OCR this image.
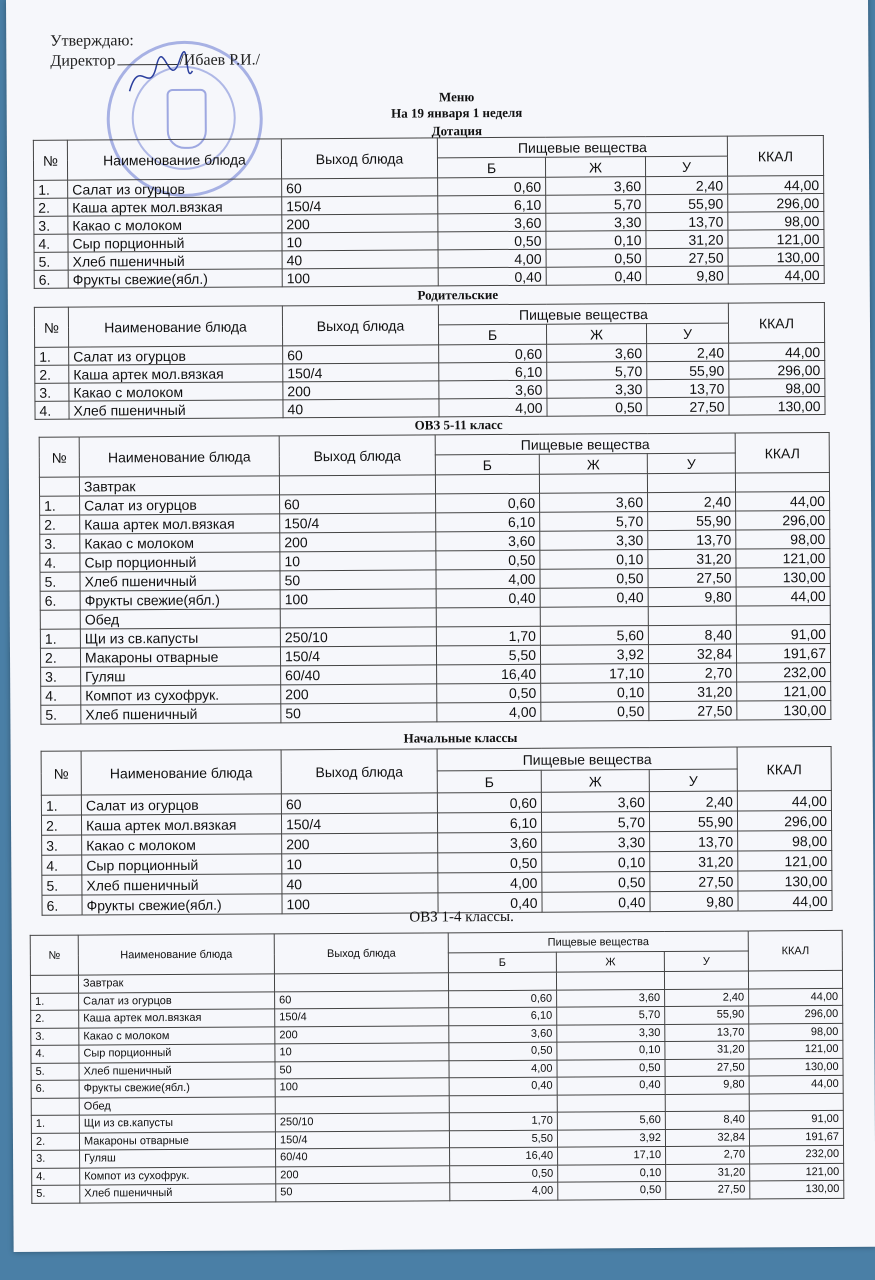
Утверждаю:
Директор	/Ибаев Р.И./
Меню
На 19 января 1 неделя
Дотация
№	Наименование блюда	Выход блюда	Пищевые вещества			ККАЛ
			Б	Ж	У	
1.	Салат из огурцов	60	0,60	3,60	2,40	44,00
2.	Каша артек мол.вязкая	150/4	6,10	5,70	55,90	296,00
3.	Какао с молоком	200	3,60	3,30	13,70	98,00
4.	Сыр порционный	10	0,50	0,10	31,20	121,00
5.	Хлеб пшеничный	40	4,00	0,50	27,50	130,00
6.	Фрукты свежие(ябл.)	100	0,40	0,40	9,80	44,00
Родительские
№	Наименование блюда	Выход блюда	Пищевые вещества			ККАЛ
			Б	Ж	У	
1.	Салат из огурцов	60	0,60	3,60	2,40	44,00
2.	Каша артек мол.вязкая	150/4	6,10	5,70	55,90	296,00
3.	Какао с молоком	200	3,60	3,30	13,70	98,00
4.	Хлеб пшеничный	40	4,00	0,50	27,50	130,00
ОВЗ 5-11 класс
№	Наименование блюда	Выход блюда	Пищевые вещества			ККАЛ
			Б	Ж	У	
	Завтрак					
1.	Салат из огурцов	60	0,60	3,60	2,40	44,00
2.	Каша артек мол.вязкая	150/4	6,10	5,70	55,90	296,00
3.	Какао с молоком	200	3,60	3,30	13,70	98,00
4.	Сыр порционный	10	0,50	0,10	31,20	121,00
5.	Хлеб пшеничный	50	4,00	0,50	27,50	130,00
6.	Фрукты свежие(ябл.)	100	0,40	0,40	9,80	44,00
	Обед					
1.	Щи из св.капусты	250/10	1,70	5,60	8,40	91,00
2.	Макароны отварные	150/4	5,50	3,92	32,84	191,67
3.	Гуляш	60/40	16,40	17,10	2,70	232,00
4.	Компот из сухофрук.	200	0,50	0,10	31,20	121,00
5.	Хлеб пшеничный	50	4,00	0,50	27,50	130,00
Начальные классы
№	Наименование блюда	Выход блюда	Пищевые вещества			ККАЛ
			Б	Ж	У	
1.	Салат из огурцов	60	0,60	3,60	2,40	44,00
2.	Каша артек мол.вязкая	150/4	6,10	5,70	55,90	296,00
3.	Какао с молоком	200	3,60	3,30	13,70	98,00
4.	Сыр порционный	10	0,50	0,10	31,20	121,00
5.	Хлеб пшеничный	40	4,00	0,50	27,50	130,00
6.	Фрукты свежие(ябл.)	100	0,40	0,40	9,80	44,00
ОВЗ 1-4 классы.
№	Наименование блюда	Выход блюда	Пищевые вещества			ККАЛ
			Б	Ж	У	
	Завтрак					
1.	Салат из огурцов	60	0,60	3,60	2,40	44,00
2.	Каша артек мол.вязкая	150/4	6,10	5,70	55,90	296,00
3.	Какао с молоком	200	3,60	3,30	13,70	98,00
4.	Сыр порционный	10	0,50	0,10	31,20	121,00
5.	Хлеб пшеничный	50	4,00	0,50	27,50	130,00
6.	Фрукты свежие(ябл.)	100	0,40	0,40	9,80	44,00
	Обед					
1.	Щи из св.капусты	250/10	1,70	5,60	8,40	91,00
2.	Макароны отварные	150/4	5,50	3,92	32,84	191,67
3.	Гуляш	60/40	16,40	17,10	2,70	232,00
4.	Компот из сухофрук.	200	0,50	0,10	31,20	121,00
5.	Хлеб пшеничный	50	4,00	0,50	27,50	130,00
